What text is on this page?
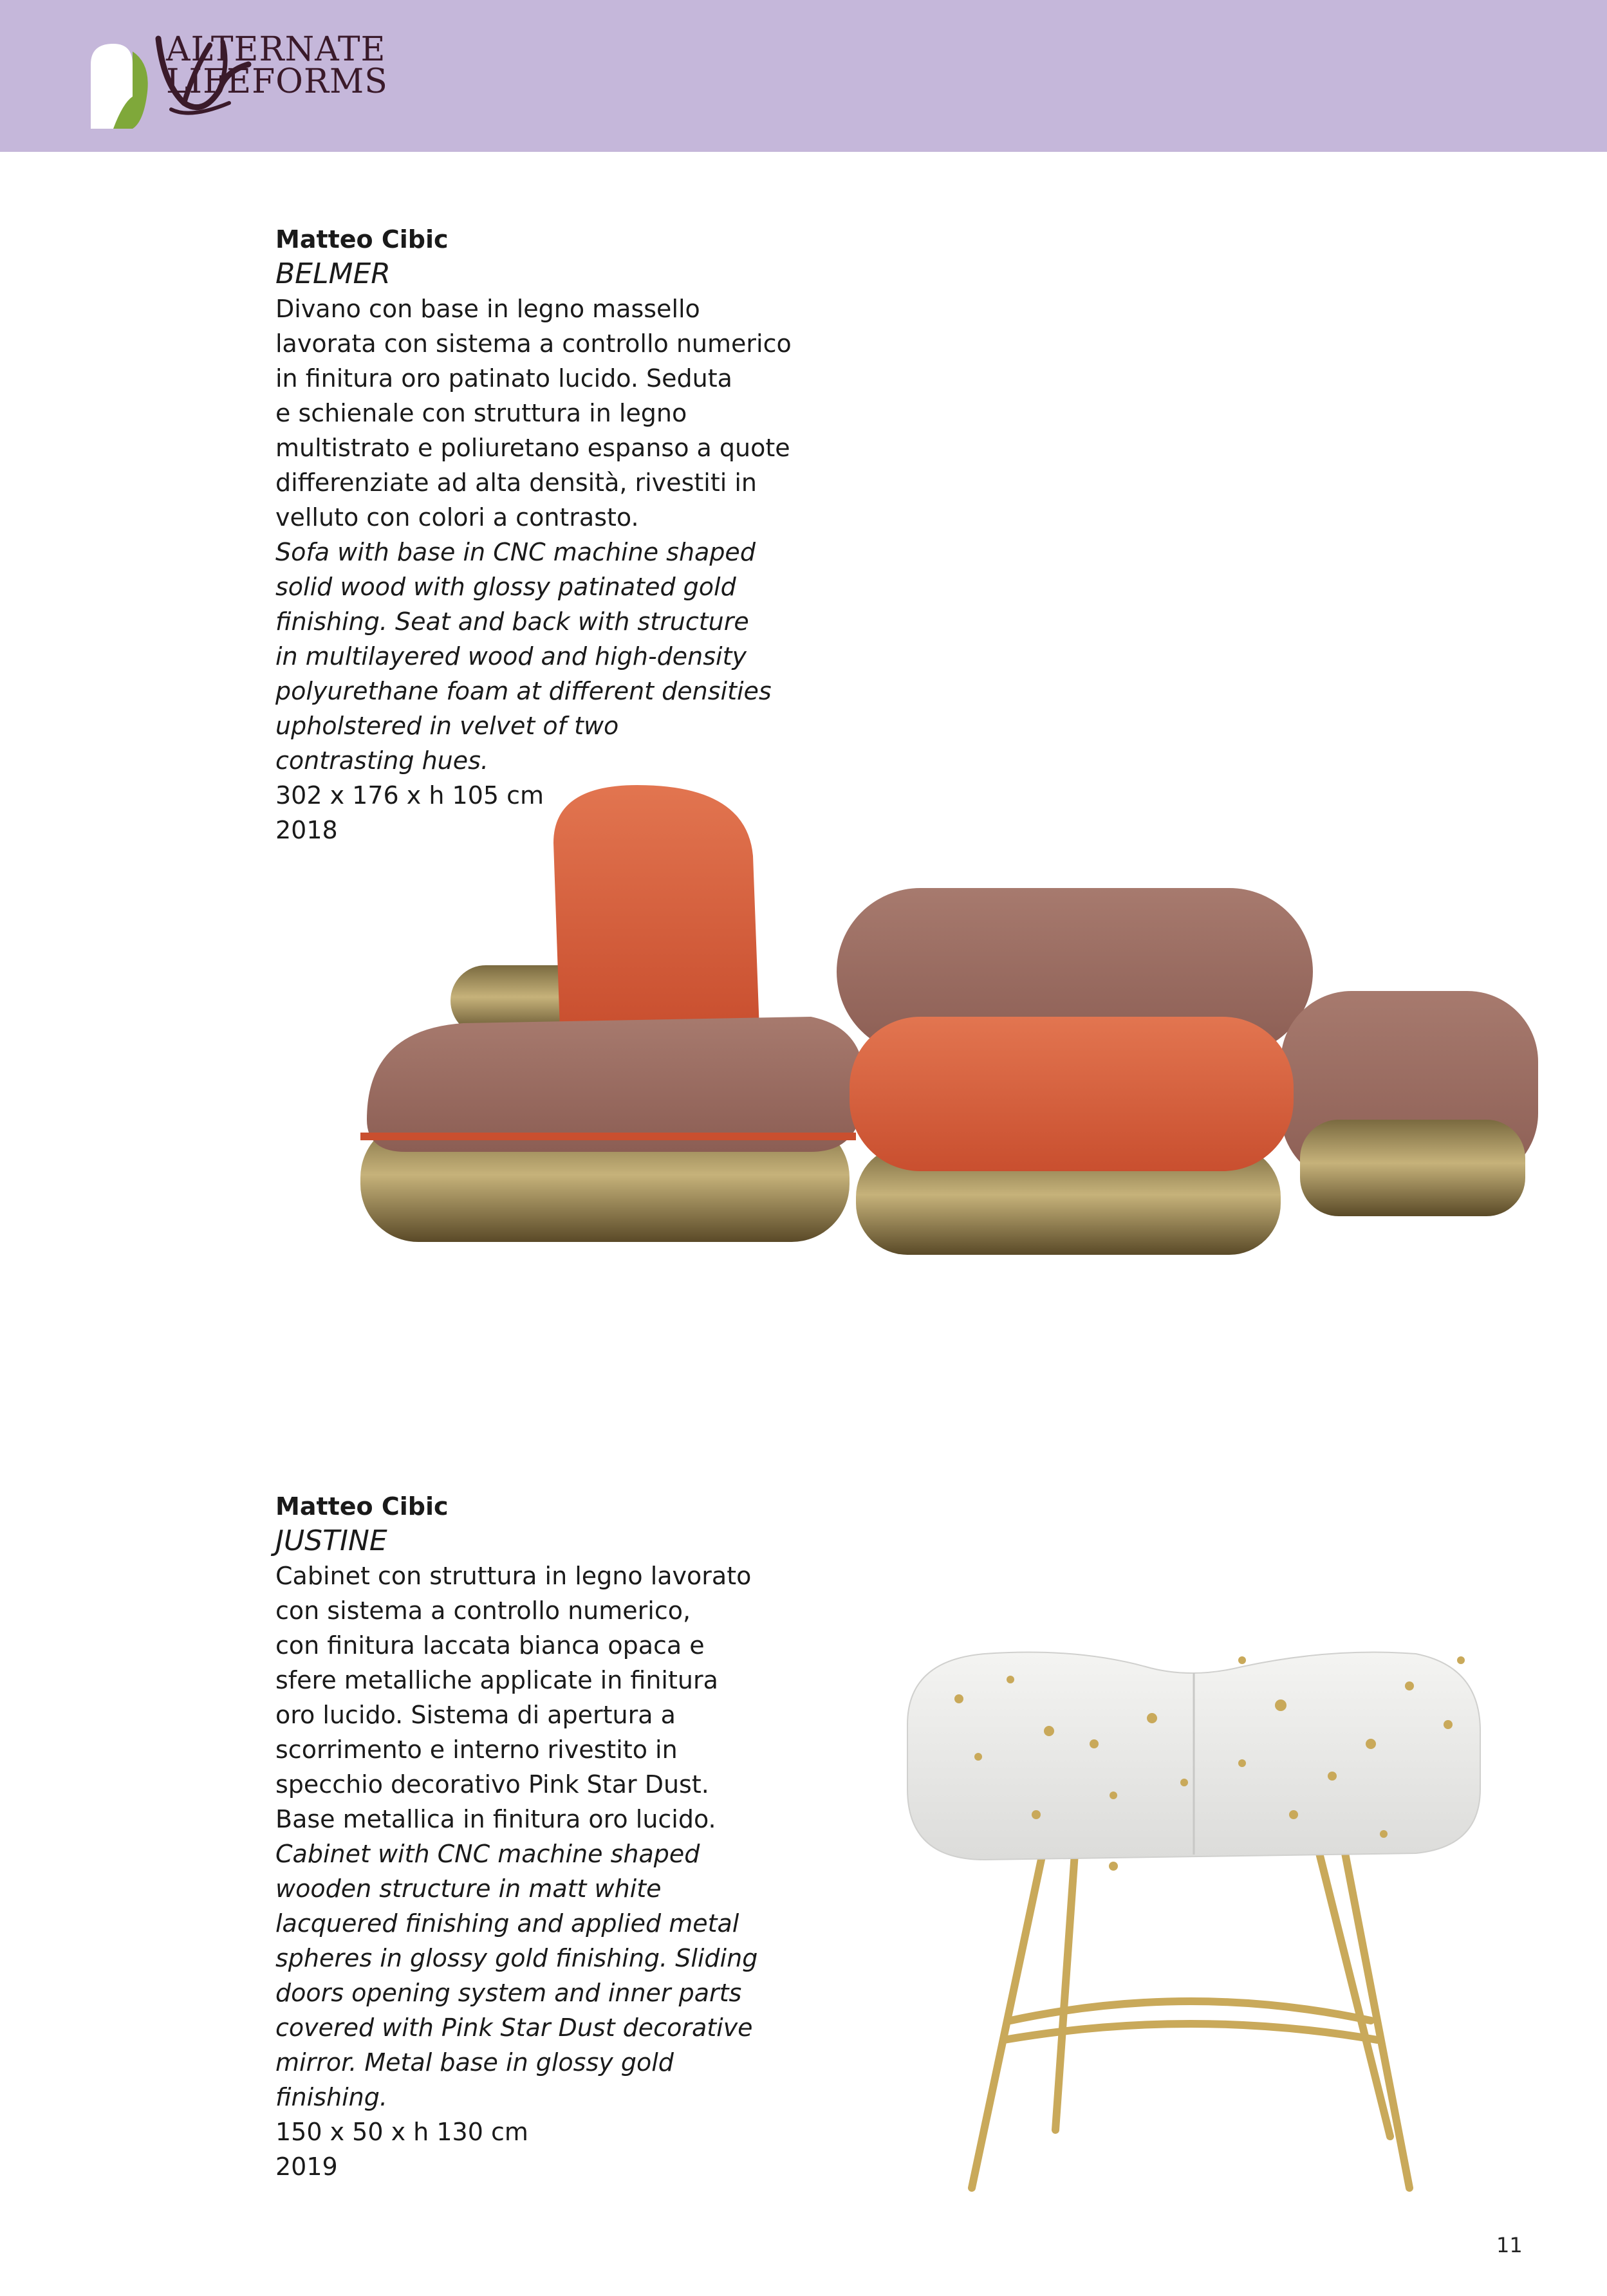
ALTERNATE
LIFEFORMS

Matteo Cibic

BELMER

Divano con base in legno massello

lavorata con sistema a controllo numerico

in finitura oro patinato lucido. Seduta

e schienale con struttura in legno

multistrato e poliuretano espanso a quote

differenziate ad alta densità, rivestiti in

velluto con colori a contrasto.

Sofa with base in CNC machine shaped

solid wood with glossy patinated gold

finishing. Seat and back with structure

in multilayered wood and high-density

polyurethane foam at different densities

upholstered in velvet of two

contrasting hues.

302 x 176 x h 105 cm

2018

Matteo Cibic

JUSTINE

Cabinet con struttura in legno lavorato

con sistema a controllo numerico,

con finitura laccata bianca opaca e

sfere metalliche applicate in finitura

oro lucido. Sistema di apertura a

scorrimento e interno rivestito in

specchio decorativo Pink Star Dust.

Base metallica in finitura oro lucido.

Cabinet with CNC machine shaped

wooden structure in matt white

lacquered finishing and applied metal

spheres in glossy gold finishing. Sliding

doors opening system and inner parts

covered with Pink Star Dust decorative

mirror. Metal base in glossy gold

finishing.

150 x 50 x h 130 cm

2019

11
